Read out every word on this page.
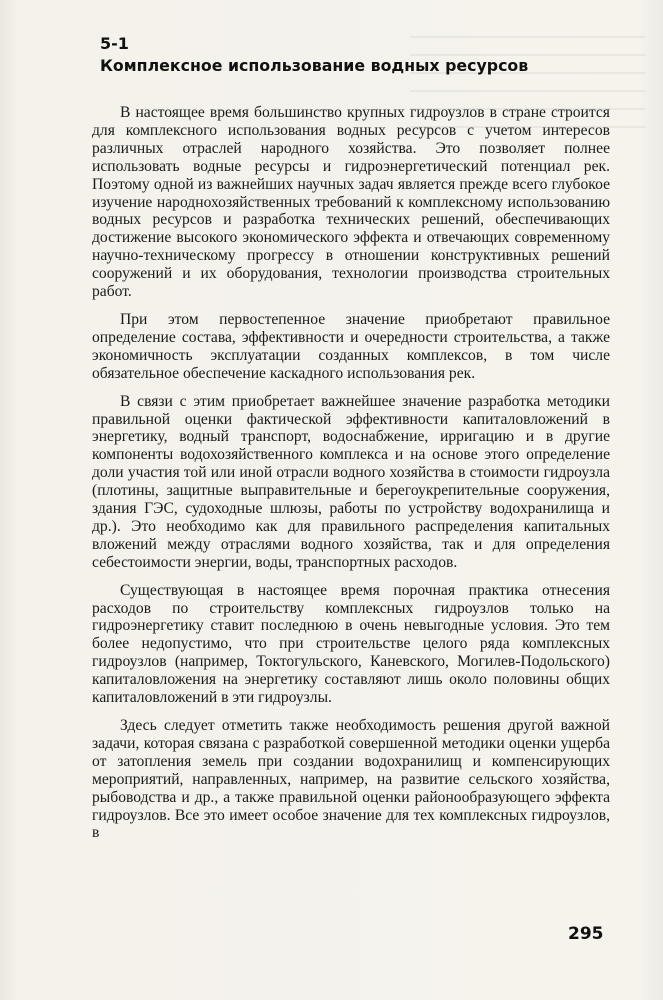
5-1
Комплексное использование водных ресурсов

В настоящее время большинство крупных гидроузлов в стране строится для комплексного использования водных ресурсов с учетом интересов различных отраслей народного хозяйства. Это позволяет полнее использовать водные ресурсы и гидроэнергетический потенциал рек. Поэтому одной из важнейших научных задач является прежде всего глубокое изучение народнохозяйственных требований к комплексному использованию водных ресурсов и разработка технических решений, обеспечивающих достижение высокого экономического эффекта и отвечающих современному научно-техническому прогрессу в отношении конструктивных решений сооружений и их оборудования, технологии производства строительных работ.

При этом первостепенное значение приобретают правильное определение состава, эффективности и очередности строительства, а также экономичность эксплуатации созданных комплексов, в том числе обязательное обеспечение каскадного использования рек.

В связи с этим приобретает важнейшее значение разработка методики правильной оценки фактической эффективности капиталовложений в энергетику, водный транспорт, водоснабжение, ирригацию и в другие компоненты водохозяйственного комплекса и на основе этого определение доли участия той или иной отрасли водного хозяйства в стоимости гидроузла (плотины, защитные выправительные и берегоукрепительные сооружения, здания ГЭС, судоходные шлюзы, работы по устройству водохранилища и др.). Это необходимо как для правильного распределения капитальных вложений между отраслями водного хозяйства, так и для определения себестоимости энергии, воды, транспортных расходов.

Существующая в настоящее время порочная практика отнесения расходов по строительству комплексных гидроузлов только на гидроэнергетику ставит последнюю в очень невыгодные условия. Это тем более недопустимо, что при строительстве целого ряда комплексных гидроузлов (например, Токтогульского, Каневского, Могилев-Подольского) капиталовложения на энергетику составляют лишь около половины общих капиталовложений в эти гидроузлы.

Здесь следует отметить также необходимость решения другой важной задачи, которая связана с разработкой совершенной методики оценки ущерба от затопления земель при создании водохранилищ и компенсирующих мероприятий, направленных, например, на развитие сельского хозяйства, рыбоводства и др., а также правильной оценки районообразующего эффекта гидроузлов. Все это имеет особое значение для тех комплексных гидроузлов, в

295
